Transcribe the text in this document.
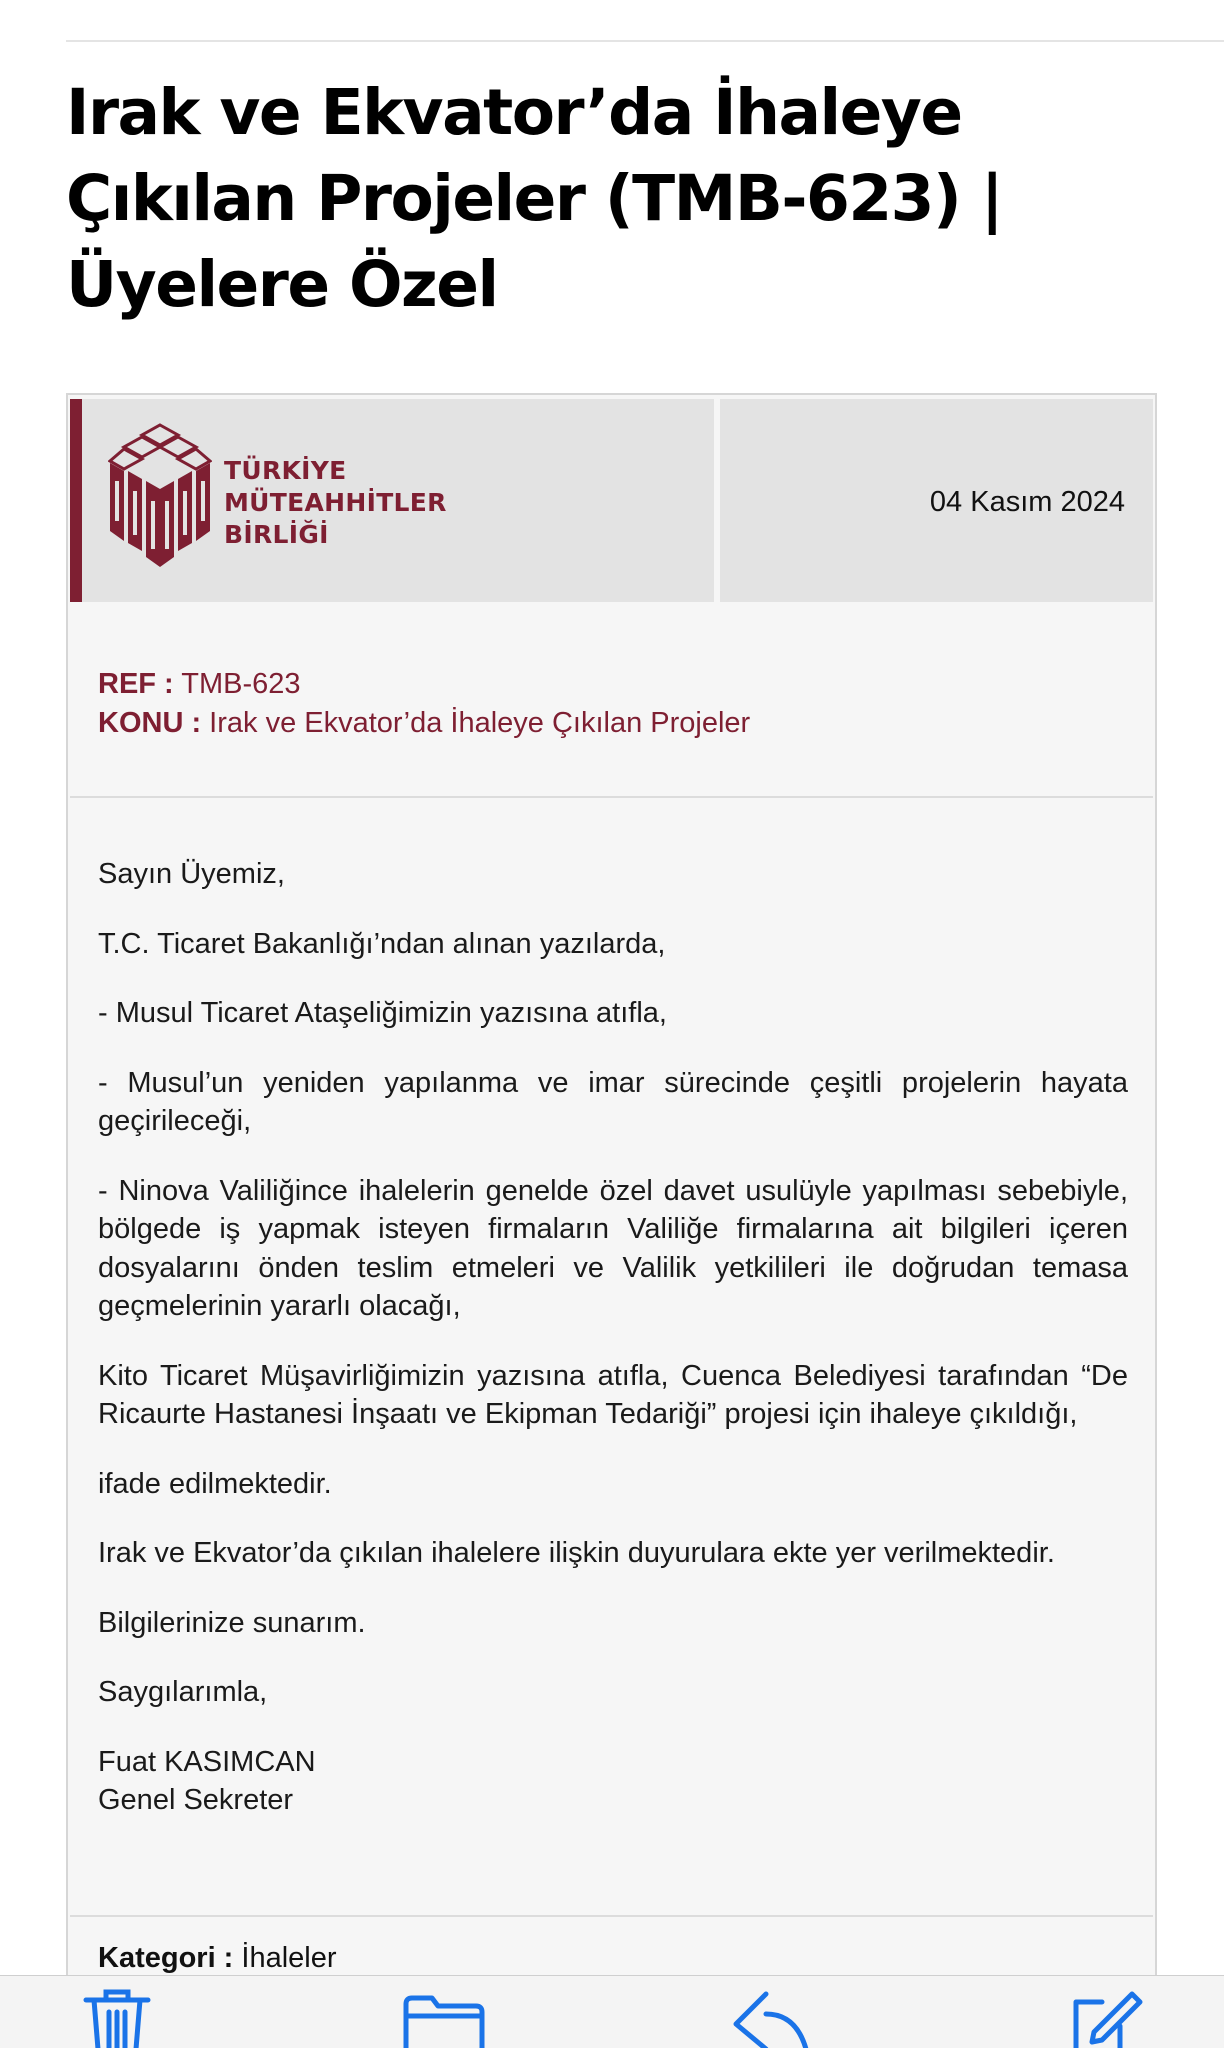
Irak ve Ekvator’da İhaleye
Çıkılan Projeler (TMB-623) |
Üyelere Özel
TÜRKİYE
MÜTEAHHİTLER
BİRLİĞİ
04 Kasım 2024
REF : TMB-623
KONU : Irak ve Ekvator’da İhaleye Çıkılan Projeler

Sayın Üyemiz,

T.C. Ticaret Bakanlığı’ndan alınan yazılarda,

- Musul Ticaret Ataşeliğimizin yazısına atıfla,

- Musul’un yeniden yapılanma ve imar sürecinde çeşitli projelerin hayata geçirileceği,

- Ninova Valiliğince ihalelerin genelde özel davet usulüyle yapılması sebebiyle, bölgede iş yapmak isteyen firmaların Valiliğe firmalarına ait bilgileri içeren dosyalarını önden teslim etmeleri ve Valilik yetkilileri ile doğrudan temasa geçmelerinin yararlı olacağı,

Kito Ticaret Müşavirliğimizin yazısına atıfla, Cuenca Belediyesi tarafından “De Ricaurte Hastanesi İnşaatı ve Ekipman Tedariği” projesi için ihaleye çıkıldığı,

ifade edilmektedir.

Irak ve Ekvator’da çıkılan ihalelere ilişkin duyurulara ekte yer verilmektedir.

Bilgilerinize sunarım.

Saygılarımla,

Fuat KASIMCAN

Genel Sekreter

Kategori : İhaleler
